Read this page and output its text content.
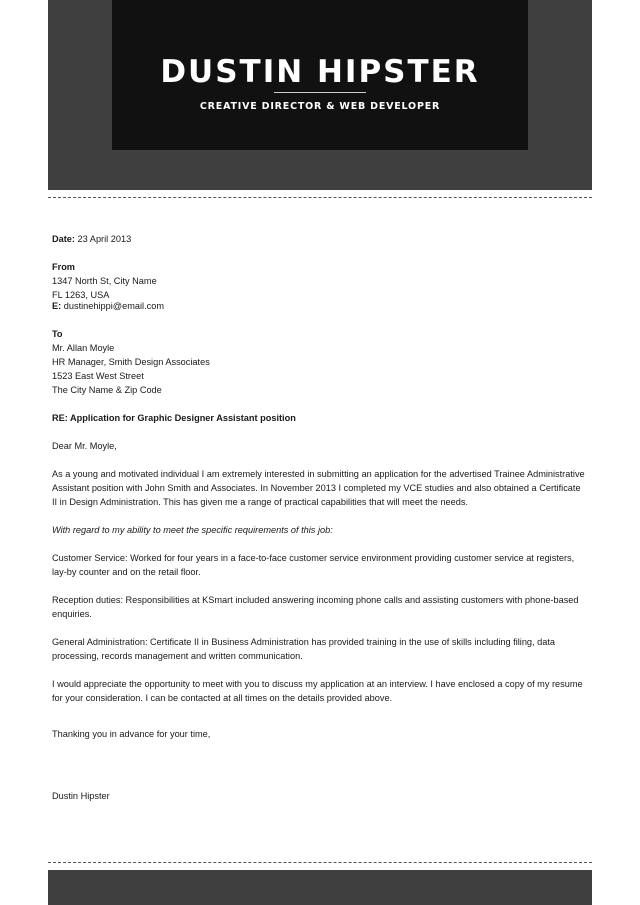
DUSTIN HIPSTER
CREATIVE DIRECTOR & WEB DEVELOPER

Date: 23 April 2013

From

1347 North St, City Name

FL 1263, USA

E: dustinehippi@email.com

To

Mr. Allan Moyle

HR Manager, Smith Design Associates

1523 East West Street

The City Name & Zip Code

RE: Application for Graphic Designer Assistant position

Dear Mr. Moyle,

As a young and motivated individual I am extremely interested in submitting an application for the advertised Trainee Administrative Assistant position with John Smith and Associates. In November 2013 I completed my VCE studies and also obtained a Certificate II in Design Administration. This has given me a range of practical capabilities that will meet the needs.

With regard to my ability to meet the specific requirements of this job:

Customer Service: Worked for four years in a face-to-face customer service environment providing customer service at registers, lay-by counter and on the retail floor.

Reception duties: Responsibilities at KSmart included answering incoming phone calls and assisting customers with phone-based enquiries.

General Administration: Certificate II in Business Administration has provided training in the use of skills including filing, data processing, records management and written communication.

I would appreciate the opportunity to meet with you to discuss my application at an interview. I have enclosed a copy of my resume for your consideration. I can be contacted at all times on the details provided above.

Thanking you in advance for your time,

Dustin Hipster
